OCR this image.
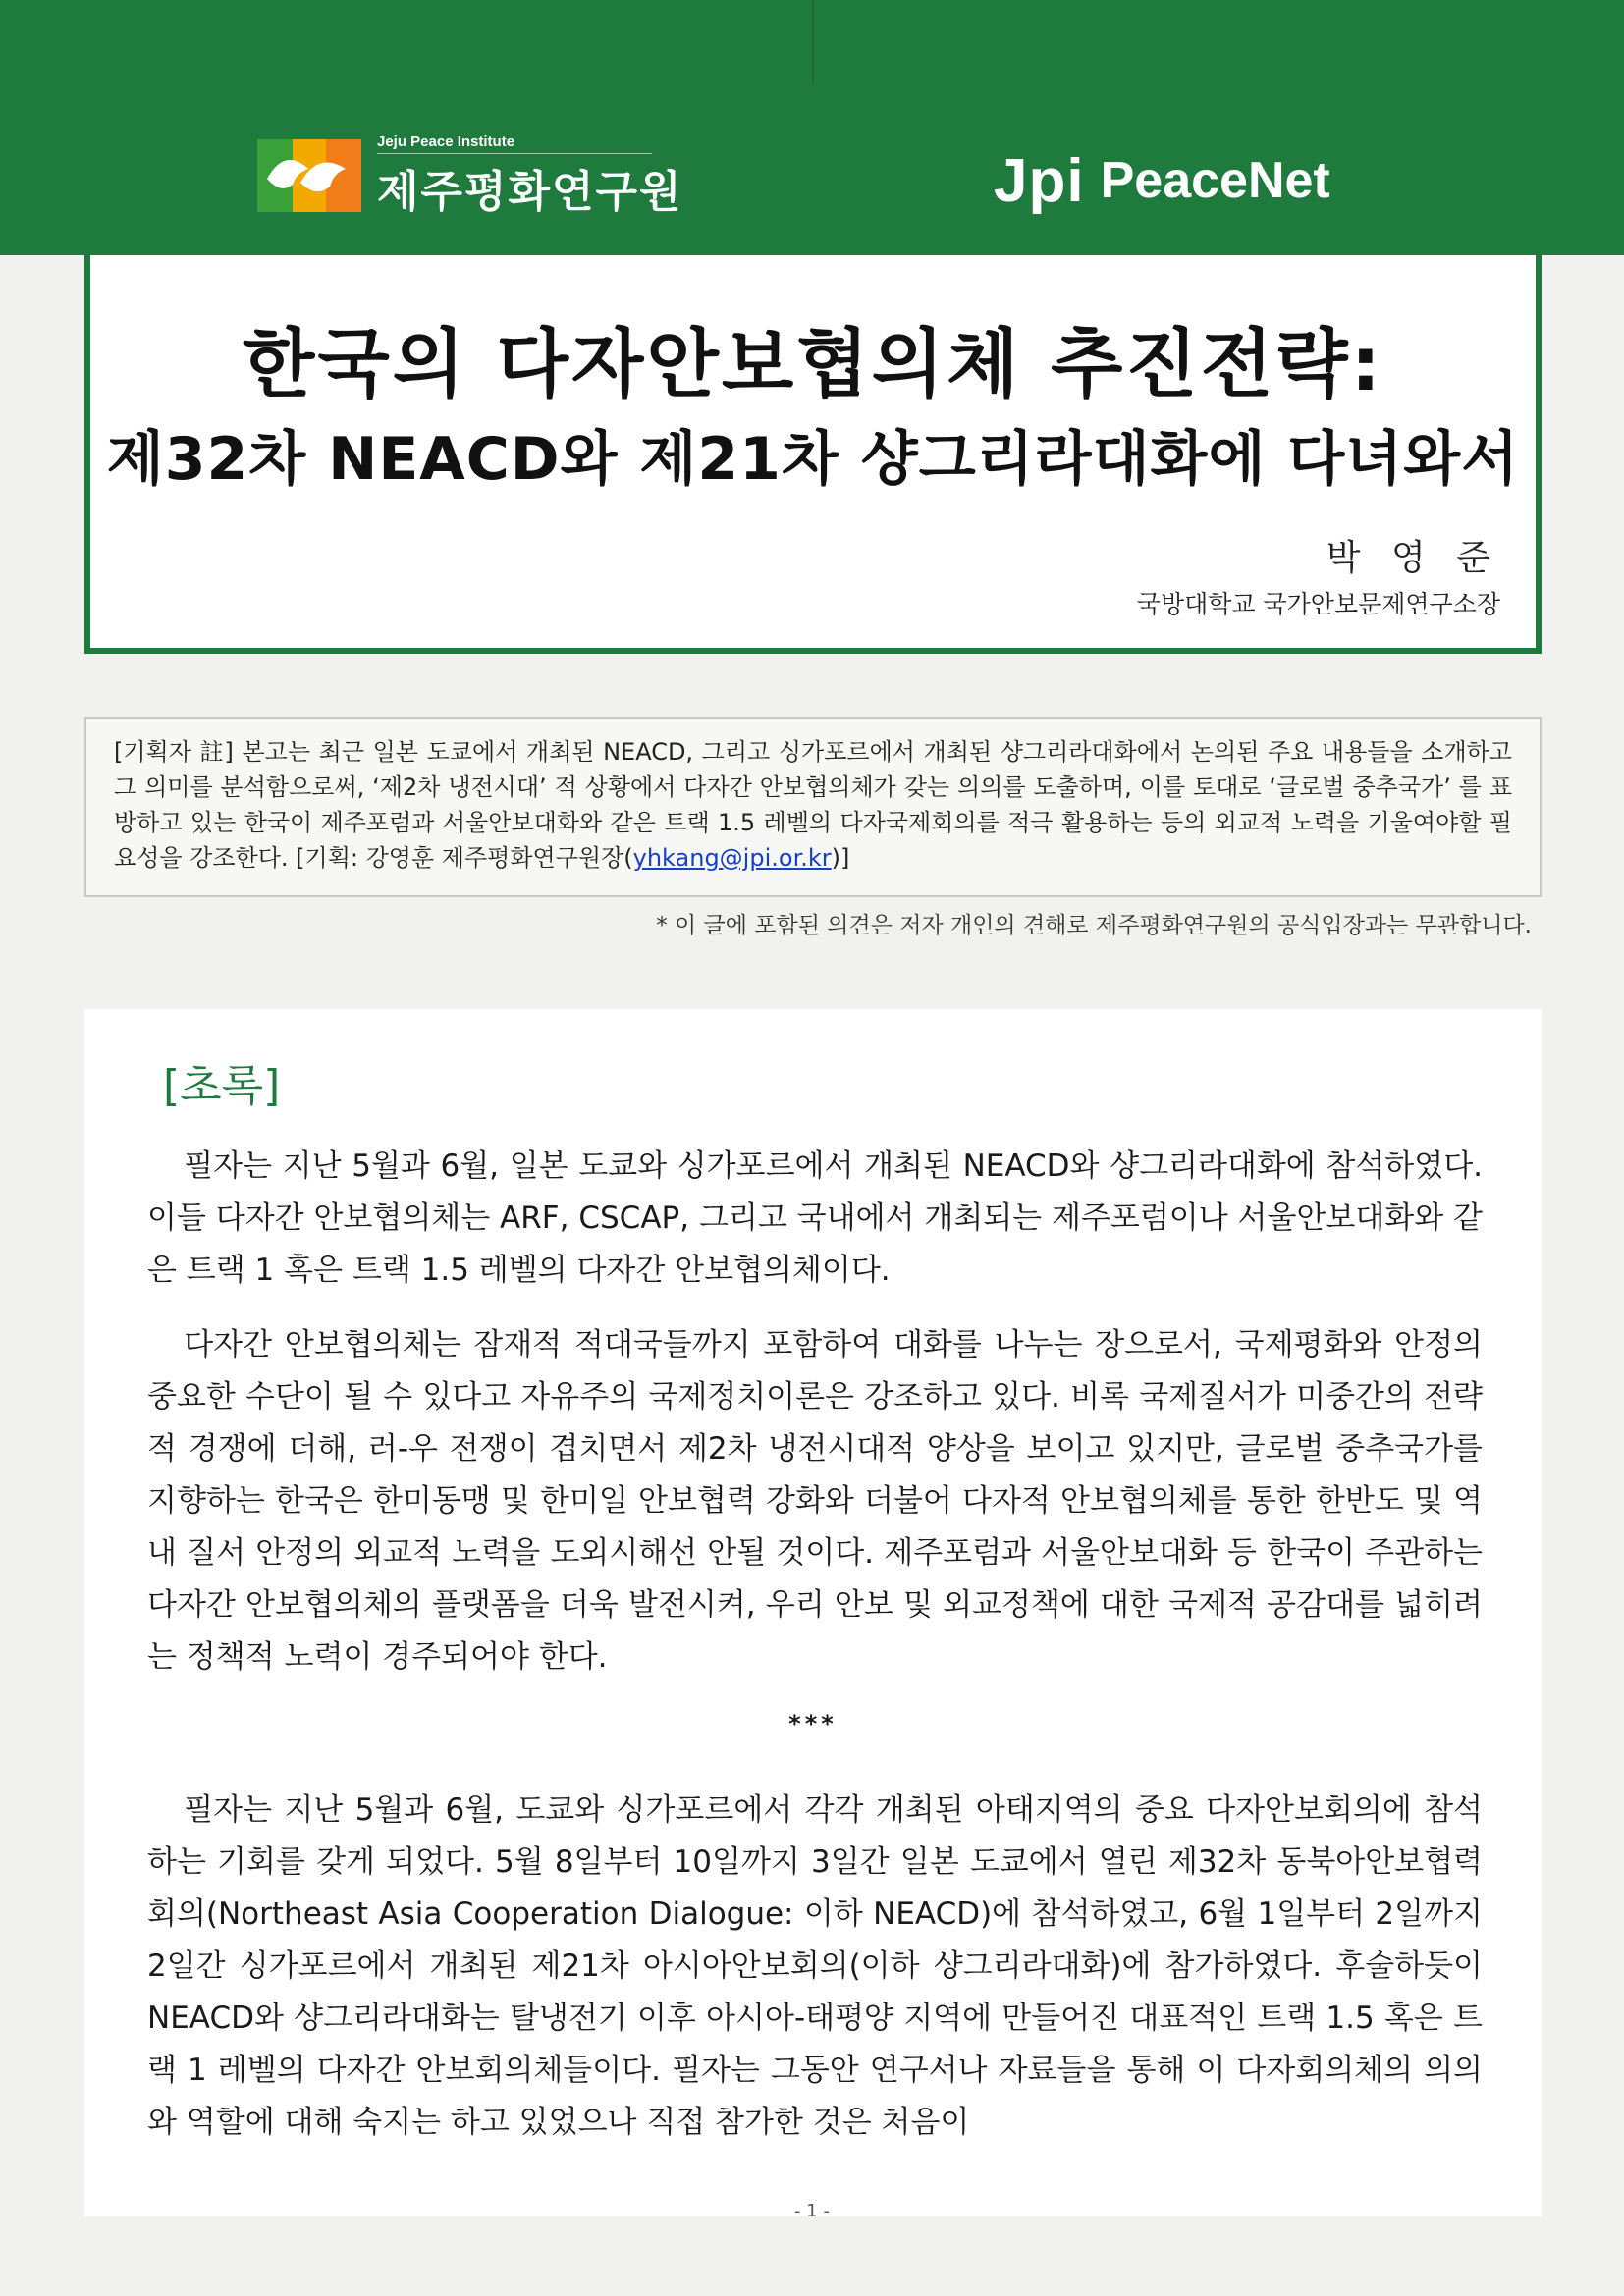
Jeju Peace Institute
제주평화연구원	Jpi PeaceNet
한국의 다자안보협의체 추진전략:
제32차 NEACD와 제21차 샹그리라대화에 다녀와서
박 영 준
국방대학교 국가안보문제연구소장
[기획자 註] 본고는 최근 일본 도쿄에서 개최된 NEACD, 그리고 싱가포르에서 개최된 샹그리라대화에서 논의된 주요 내용들을 소개하고 그 의미를 분석함으로써, ‘제2차 냉전시대’ 적 상황에서 다자간 안보협의체가 갖는 의의를 도출하며, 이를 토대로 ‘글로벌 중추국가’ 를 표방하고 있는 한국이 제주포럼과 서울안보대화와 같은 트랙 1.5 레벨의 다자국제회의를 적극 활용하는 등의 외교적 노력을 기울여야할 필요성을 강조한다. [기획: 강영훈 제주평화연구원장(yhkang@jpi.or.kr)]
* 이 글에 포함된 의견은 저자 개인의 견해로 제주평화연구원의 공식입장과는 무관합니다.
[초록]

필자는 지난 5월과 6월, 일본 도쿄와 싱가포르에서 개최된 NEACD와 샹그리라대화에 참석하였다. 이들 다자간 안보협의체는 ARF, CSCAP, 그리고 국내에서 개최되는 제주포럼이나 서울안보대화와 같은 트랙 1 혹은 트랙 1.5 레벨의 다자간 안보협의체이다.

다자간 안보협의체는 잠재적 적대국들까지 포함하여 대화를 나누는 장으로서, 국제평화와 안정의 중요한 수단이 될 수 있다고 자유주의 국제정치이론은 강조하고 있다. 비록 국제질서가 미중간의 전략적 경쟁에 더해, 러-우 전쟁이 겹치면서 제2차 냉전시대적 양상을 보이고 있지만, 글로벌 중추국가를 지향하는 한국은 한미동맹 및 한미일 안보협력 강화와 더불어 다자적 안보협의체를 통한 한반도 및 역내 질서 안정의 외교적 노력을 도외시해선 안될 것이다. 제주포럼과 서울안보대화 등 한국이 주관하는 다자간 안보협의체의 플랫폼을 더욱 발전시켜, 우리 안보 및 외교정책에 대한 국제적 공감대를 넓히려는 정책적 노력이 경주되어야 한다.

***

필자는 지난 5월과 6월, 도쿄와 싱가포르에서 각각 개최된 아태지역의 중요 다자안보회의에 참석하는 기회를 갖게 되었다. 5월 8일부터 10일까지 3일간 일본 도쿄에서 열린 제32차 동북아안보협력회의(Northeast Asia Cooperation Dialogue: 이하 NEACD)에 참석하였고, 6월 1일부터 2일까지 2일간 싱가포르에서 개최된 제21차 아시아안보회의(이하 샹그리라대화)에 참가하였다. 후술하듯이 NEACD와 샹그리라대화는 탈냉전기 이후 아시아-태평양 지역에 만들어진 대표적인 트랙 1.5 혹은 트랙 1 레벨의 다자간 안보회의체들이다. 필자는 그동안 연구서나 자료들을 통해 이 다자회의체의 의의와 역할에 대해 숙지는 하고 있었으나 직접 참가한 것은 처음이

- 1 -
